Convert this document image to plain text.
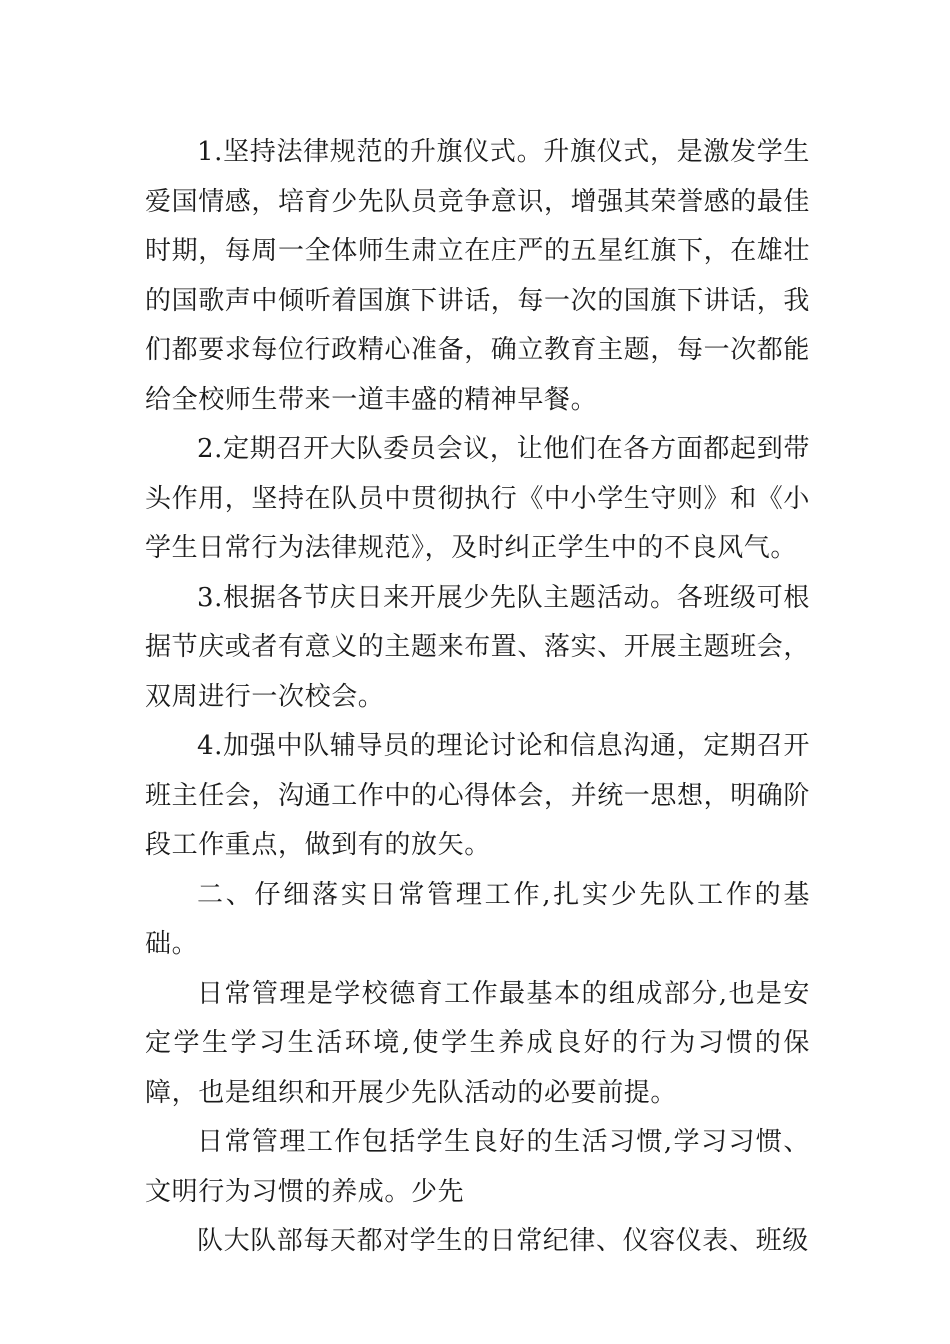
1.坚持法律规范的升旗仪式。升旗仪式，是激发学生爱国情感，培育少先队员竞争意识，增强其荣誉感的最佳时期，每周一全体师生肃立在庄严的五星红旗下，在雄壮的国歌声中倾听着国旗下讲话，每一次的国旗下讲话，我们都要求每位行政精心准备，确立教育主题，每一次都能给全校师生带来一道丰盛的精神早餐。

2.定期召开大队委员会议，让他们在各方面都起到带头作用，坚持在队员中贯彻执行《中小学生守则》和《小学生日常行为法律规范》，及时纠正学生中的不良风气。

3.根据各节庆日来开展少先队主题活动。各班级可根据节庆或者有意义的主题来布置、落实、开展主题班会，双周进行一次校会。

4.加强中队辅导员的理论讨论和信息沟通，定期召开班主任会，沟通工作中的心得体会，并统一思想，明确阶段工作重点，做到有的放矢。

二、仔细落实日常管理工作,扎实少先队工作的基础。

日常管理是学校德育工作最基本的组成部分,也是安定学生学习生活环境,使学生养成良好的行为习惯的保障，也是组织和开展少先队活动的必要前提。

日常管理工作包括学生良好的生活习惯,学习习惯、文明行为习惯的养成。少先

队大队部每天都对学生的日常纪律、仪容仪表、班级
